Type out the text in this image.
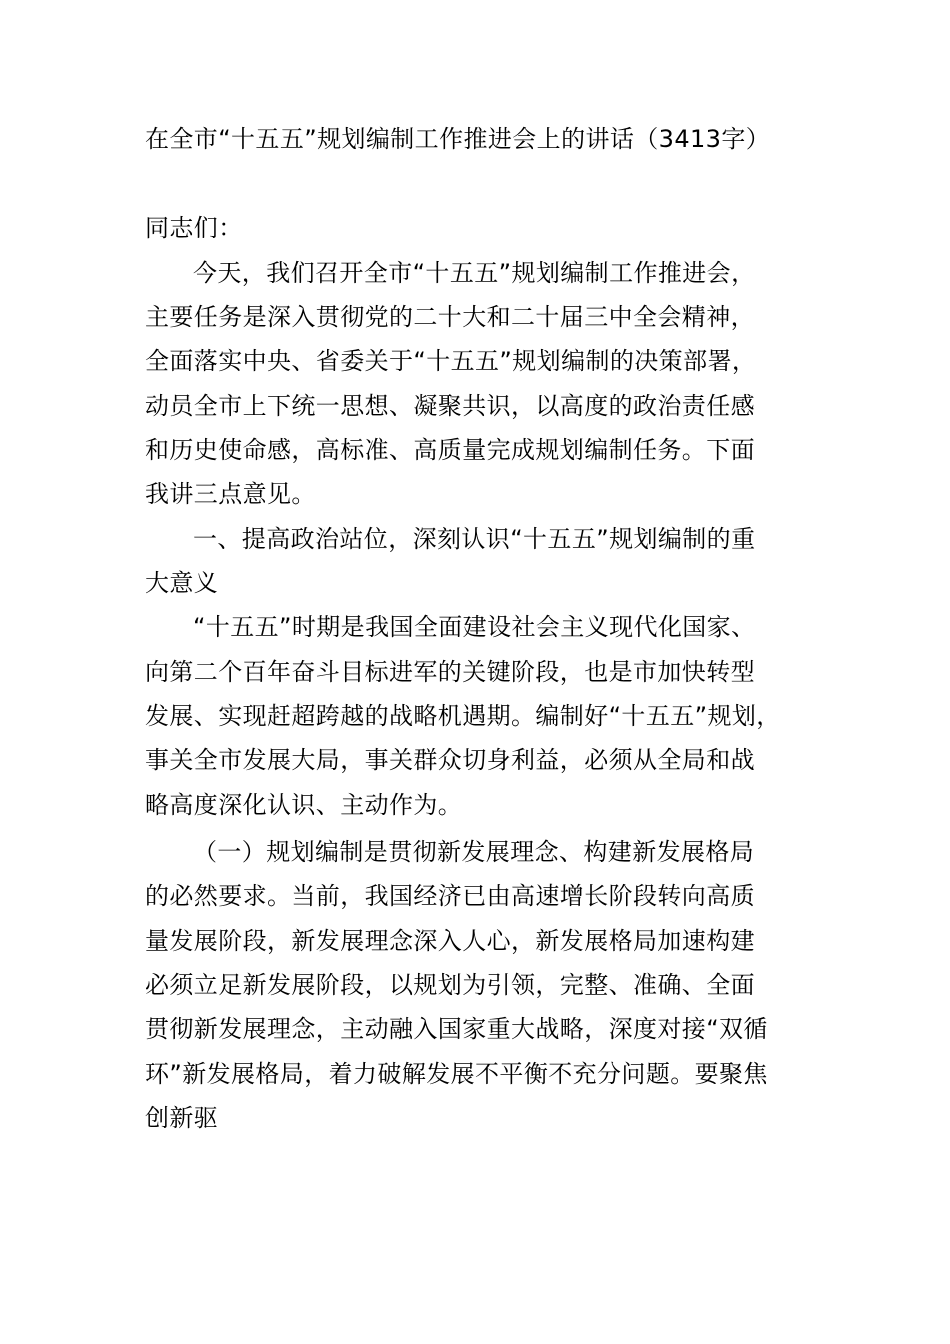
在全市“十五五”规划编制工作推进会上的讲话（3413字）
同志们：
今天，我们召开全市“十五五”规划编制工作推进会，
主要任务是深入贯彻党的二十大和二十届三中全会精神，
全面落实中央、省委关于“十五五”规划编制的决策部署，
动员全市上下统一思想、凝聚共识，以高度的政治责任感
和历史使命感，高标准、高质量完成规划编制任务。下面
我讲三点意见。
一、提高政治站位，深刻认识“十五五”规划编制的重
大意义
“十五五”时期是我国全面建设社会主义现代化国家、
向第二个百年奋斗目标进军的关键阶段，也是市加快转型
发展、实现赶超跨越的战略机遇期。编制好“十五五”规划，
事关全市发展大局，事关群众切身利益，必须从全局和战
略高度深化认识、主动作为。
（一）规划编制是贯彻新发展理念、构建新发展格局
的必然要求。当前，我国经济已由高速增长阶段转向高质
量发展阶段，新发展理念深入人心，新发展格局加速构建
必须立足新发展阶段，以规划为引领，完整、准确、全面
贯彻新发展理念，主动融入国家重大战略，深度对接“双循
环”新发展格局，着力破解发展不平衡不充分问题。要聚焦
创新驱
